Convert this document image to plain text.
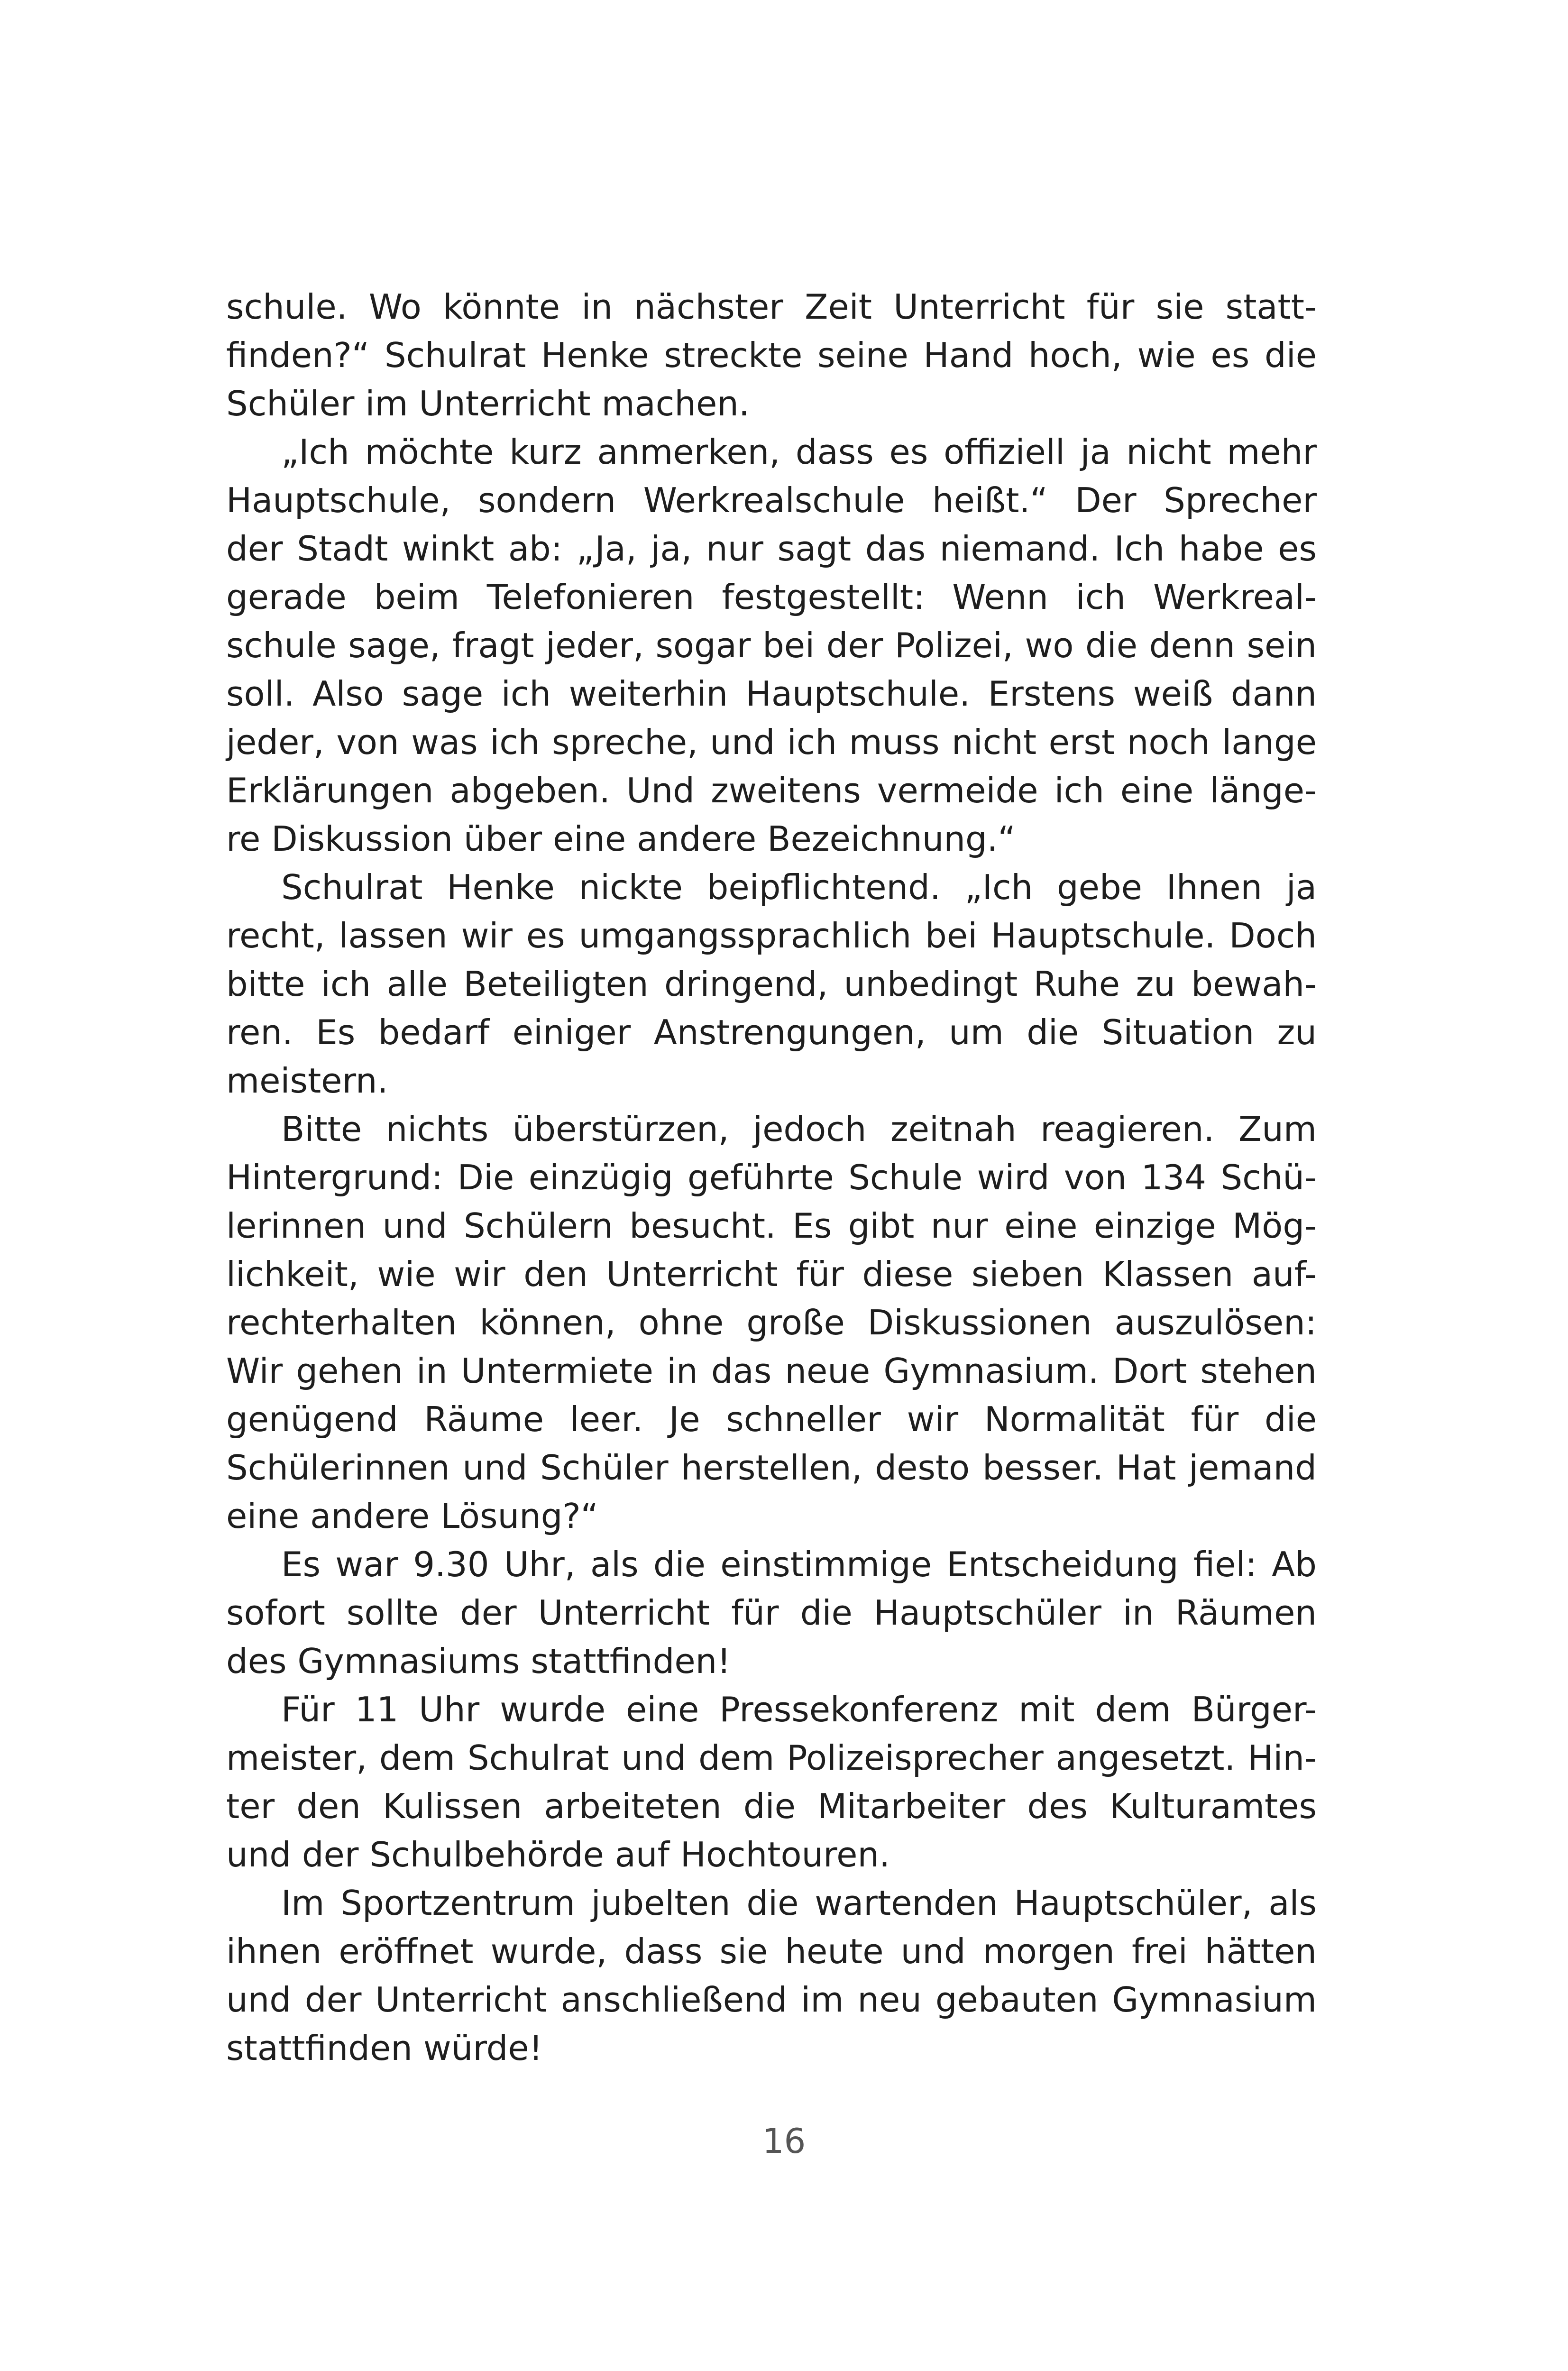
schule. Wo könnte in nächster Zeit Unterricht für sie statt-
finden?“ Schulrat Henke streckte seine Hand hoch, wie es die
Schüler im Unterricht machen.
„Ich möchte kurz anmerken, dass es offiziell ja nicht mehr
Hauptschule, sondern Werkrealschule heißt.“ Der Sprecher
der Stadt winkt ab: „Ja, ja, nur sagt das niemand. Ich habe es
gerade beim Telefonieren festgestellt: Wenn ich Werkreal-
schule sage, fragt jeder, sogar bei der Polizei, wo die denn sein
soll. Also sage ich weiterhin Hauptschule. Erstens weiß dann
jeder, von was ich spreche, und ich muss nicht erst noch lange
Erklärungen abgeben. Und zweitens vermeide ich eine länge-
re Diskussion über eine andere Bezeichnung.“
Schulrat Henke nickte beipflichtend. „Ich gebe Ihnen ja
recht, lassen wir es umgangssprachlich bei Hauptschule. Doch
bitte ich alle Beteiligten dringend, unbedingt Ruhe zu bewah-
ren. Es bedarf einiger Anstrengungen, um die Situation zu
meistern.
Bitte nichts überstürzen, jedoch zeitnah reagieren. Zum
Hintergrund: Die einzügig geführte Schule wird von 134 Schü-
lerinnen und Schülern besucht. Es gibt nur eine einzige Mög-
lichkeit, wie wir den Unterricht für diese sieben Klassen auf-
rechterhalten können, ohne große Diskussionen auszulösen:
Wir gehen in Untermiete in das neue Gymnasium. Dort stehen
genügend Räume leer. Je schneller wir Normalität für die
Schülerinnen und Schüler herstellen, desto besser. Hat jemand
eine andere Lösung?“
Es war 9.30 Uhr, als die einstimmige Entscheidung fiel: Ab
sofort sollte der Unterricht für die Hauptschüler in Räumen
des Gymnasiums stattfinden!
Für 11 Uhr wurde eine Pressekonferenz mit dem Bürger-
meister, dem Schulrat und dem Polizeisprecher angesetzt. Hin-
ter den Kulissen arbeiteten die Mitarbeiter des Kulturamtes
und der Schulbehörde auf Hochtouren.
Im Sportzentrum jubelten die wartenden Hauptschüler, als
ihnen eröffnet wurde, dass sie heute und morgen frei hätten
und der Unterricht anschließend im neu gebauten Gymnasium
stattfinden würde!
16
